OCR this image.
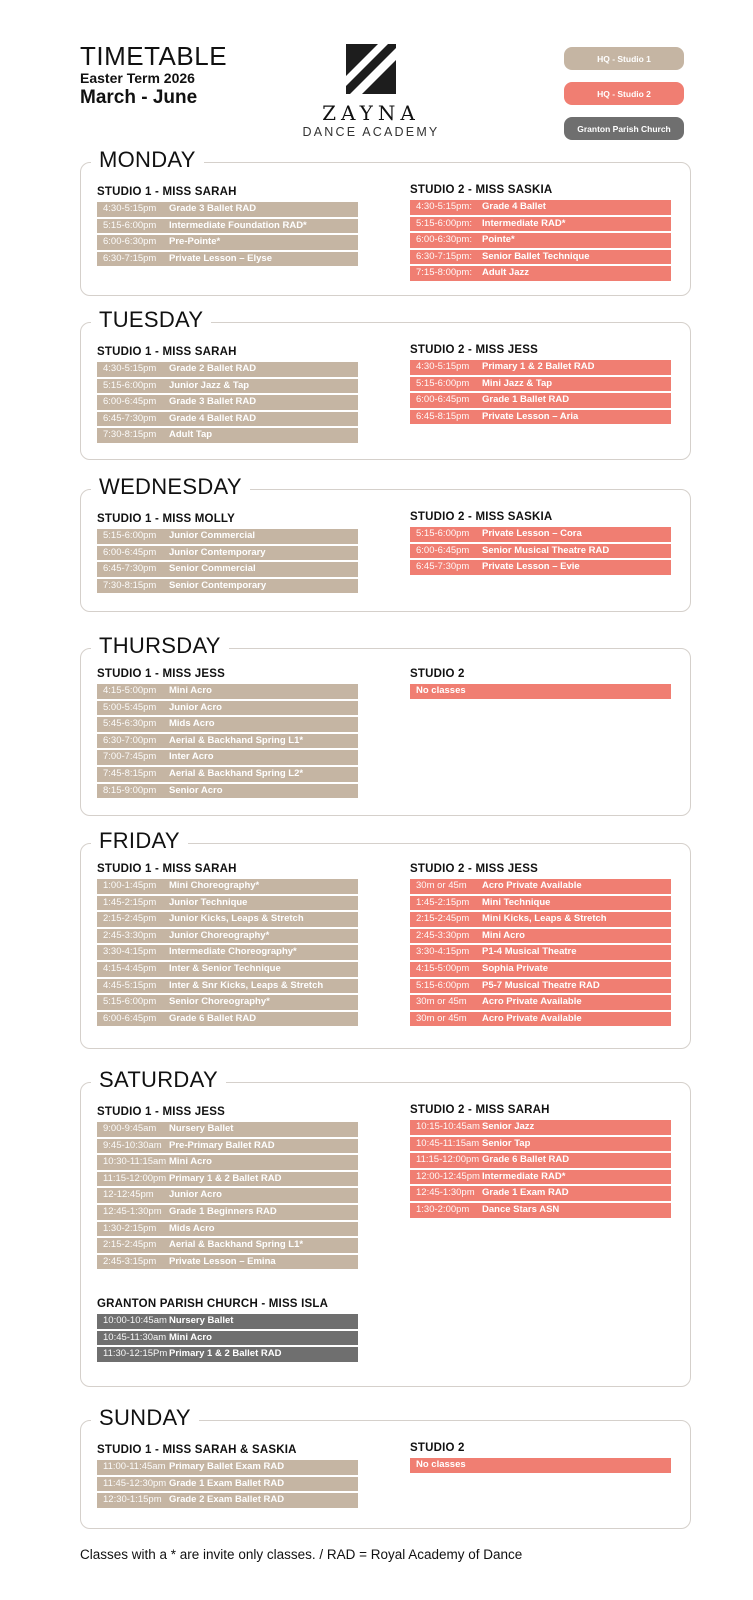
TIMETABLE
Easter Term 2026
March - June
ZAYNA
DANCE ACADEMY
HQ - Studio 1
HQ - Studio 2
Granton Parish Church
MONDAY
STUDIO 1 - MISS SARAH
4:30-5:15pm	Grade 3 Ballet RAD
5:15-6:00pm	Intermediate Foundation RAD*
6:00-6:30pm	Pre-Pointe*
6:30-7:15pm	Private Lesson – Elyse
STUDIO 2 - MISS SASKIA
4:30-5:15pm:	Grade 4 Ballet
5:15-6:00pm:	Intermediate RAD*
6:00-6:30pm:	Pointe*
6:30-7:15pm:	Senior Ballet Technique
7:15-8:00pm:	Adult Jazz
TUESDAY
STUDIO 1 - MISS SARAH
4:30-5:15pm	Grade 2 Ballet RAD
5:15-6:00pm	Junior Jazz & Tap
6:00-6:45pm	Grade 3 Ballet RAD
6:45-7:30pm	Grade 4 Ballet RAD
7:30-8:15pm	Adult Tap
STUDIO 2 - MISS JESS
4:30-5:15pm	Primary 1 & 2 Ballet RAD
5:15-6:00pm	Mini Jazz & Tap
6:00-6:45pm	Grade 1 Ballet RAD
6:45-8:15pm	Private Lesson – Aria
WEDNESDAY
STUDIO 1 - MISS MOLLY
5:15-6:00pm	Junior Commercial
6:00-6:45pm	Junior Contemporary
6:45-7:30pm	Senior Commercial
7:30-8:15pm	Senior Contemporary
STUDIO 2 - MISS SASKIA
5:15-6:00pm	Private Lesson – Cora
6:00-6:45pm	Senior Musical Theatre RAD
6:45-7:30pm	Private Lesson – Evie
THURSDAY
STUDIO 1 - MISS JESS
4:15-5:00pm	Mini Acro
5:00-5:45pm	Junior Acro
5:45-6:30pm	Mids Acro
6:30-7:00pm	Aerial & Backhand Spring L1*
7:00-7:45pm	Inter Acro
7:45-8:15pm	Aerial & Backhand Spring L2*
8:15-9:00pm	Senior Acro
STUDIO 2
No classes
FRIDAY
STUDIO 1 - MISS SARAH
1:00-1:45pm	Mini Choreography*
1:45-2:15pm	Junior Technique
2:15-2:45pm	Junior Kicks, Leaps & Stretch
2:45-3:30pm	Junior Choreography*
3:30-4:15pm	Intermediate Choreography*
4:15-4:45pm	Inter & Senior Technique
4:45-5:15pm	Inter & Snr Kicks, Leaps & Stretch
5:15-6:00pm	Senior Choreography*
6:00-6:45pm	Grade 6 Ballet RAD
STUDIO 2 - MISS JESS
30m or 45m	Acro Private Available
1:45-2:15pm	Mini Technique
2:15-2:45pm	Mini Kicks, Leaps & Stretch
2:45-3:30pm	Mini Acro
3:30-4:15pm	P1-4 Musical Theatre
4:15-5:00pm	Sophia Private
5:15-6:00pm	P5-7 Musical Theatre RAD
30m or 45m	Acro Private Available
30m or 45m	Acro Private Available
SATURDAY
STUDIO 1 - MISS JESS
9:00-9:45am	Nursery Ballet
9:45-10:30am Pre-Primary Ballet RAD
10:30-11:15am Mini Acro
11:15-12:00pm Primary 1 & 2 Ballet RAD
12-12:45pm	Junior Acro
12:45-1:30pm Grade 1 Beginners RAD
1:30-2:15pm	Mids Acro
2:15-2:45pm	Aerial & Backhand Spring L1*
2:45-3:15pm	Private Lesson – Emina
STUDIO 2 - MISS SARAH
10:15-10:45am Senior Jazz
10:45-11:15am Senior Tap
11:15-12:00pm Grade 6 Ballet RAD
12:00-12:45pm Intermediate RAD*
12:45-1:30pm Grade 1 Exam RAD
1:30-2:00pm	Dance Stars ASN
GRANTON PARISH CHURCH - MISS ISLA
10:00-10:45am Nursery Ballet
10:45-11:30am Mini Acro
11:30-12:15Pm Primary 1 & 2 Ballet RAD
SUNDAY
STUDIO 1 - MISS SARAH & SASKIA
11:00-11:45am Primary Ballet Exam RAD
11:45-12:30pm Grade 1 Exam Ballet RAD
12:30-1:15pm Grade 2 Exam Ballet RAD
STUDIO 2
No classes
Classes with a * are invite only classes. / RAD = Royal Academy of Dance
